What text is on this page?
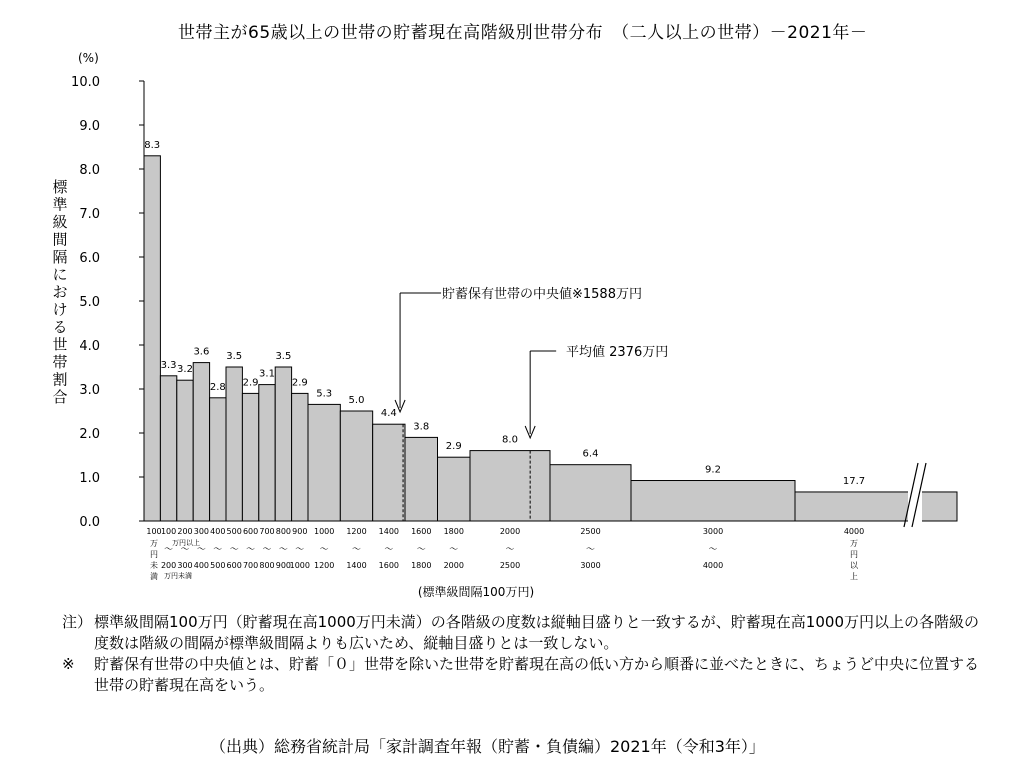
世帯主が65歳以上の世帯の貯蓄現在高階級別世帯分布　（二人以上の世帯）－2021年－
0.0
1.0
2.0
3.0
4.0
5.0
6.0
7.0
8.0
9.0
10.0
(%)
標
準
級
間
隔
に
お
け
る
世
帯
割
合
8.3
3.3 3.2
3.6
2.8
3.5
2.9
3.1
3.5
2.9
5.3
5.0
4.4
3.8
2.9
8.0
6.4
9.2
17.7
100
万
円
未
満
100
～
200
200
～
300
300
～
400
400
～
500
500
～
600
600
～
700
700
～
800
800
～
900
900
～
1000
1000
～
1200
1200
～
1400
1400
～
1600
1600
～
1800
1800
～
2000
2000
～
2500
2500
～
3000
3000
～
4000
4000
万
円
以
上
万円以上
万円未満
(標準級間隔100万円)
貯蓄保有世帯の中央値※1588万円
平均値 2376万円
注） 標準級間隔100万円（貯蓄現在高1000万円未満）の各階級の度数は縦軸目盛りと一致するが、貯蓄現在高1000万円以上の各階級の度数は階級の間隔が標準級間隔よりも広いため、縦軸目盛りとは一致しない。
※ 貯蓄保有世帯の中央値とは、貯蓄「０」世帯を除いた世帯を貯蓄現在高の低い方から順番に並べたときに、ちょうど中央に位置する世帯の貯蓄現在高をいう。
（出典）総務省統計局「家計調査年報（貯蓄・負債編）2021年（令和3年）」
